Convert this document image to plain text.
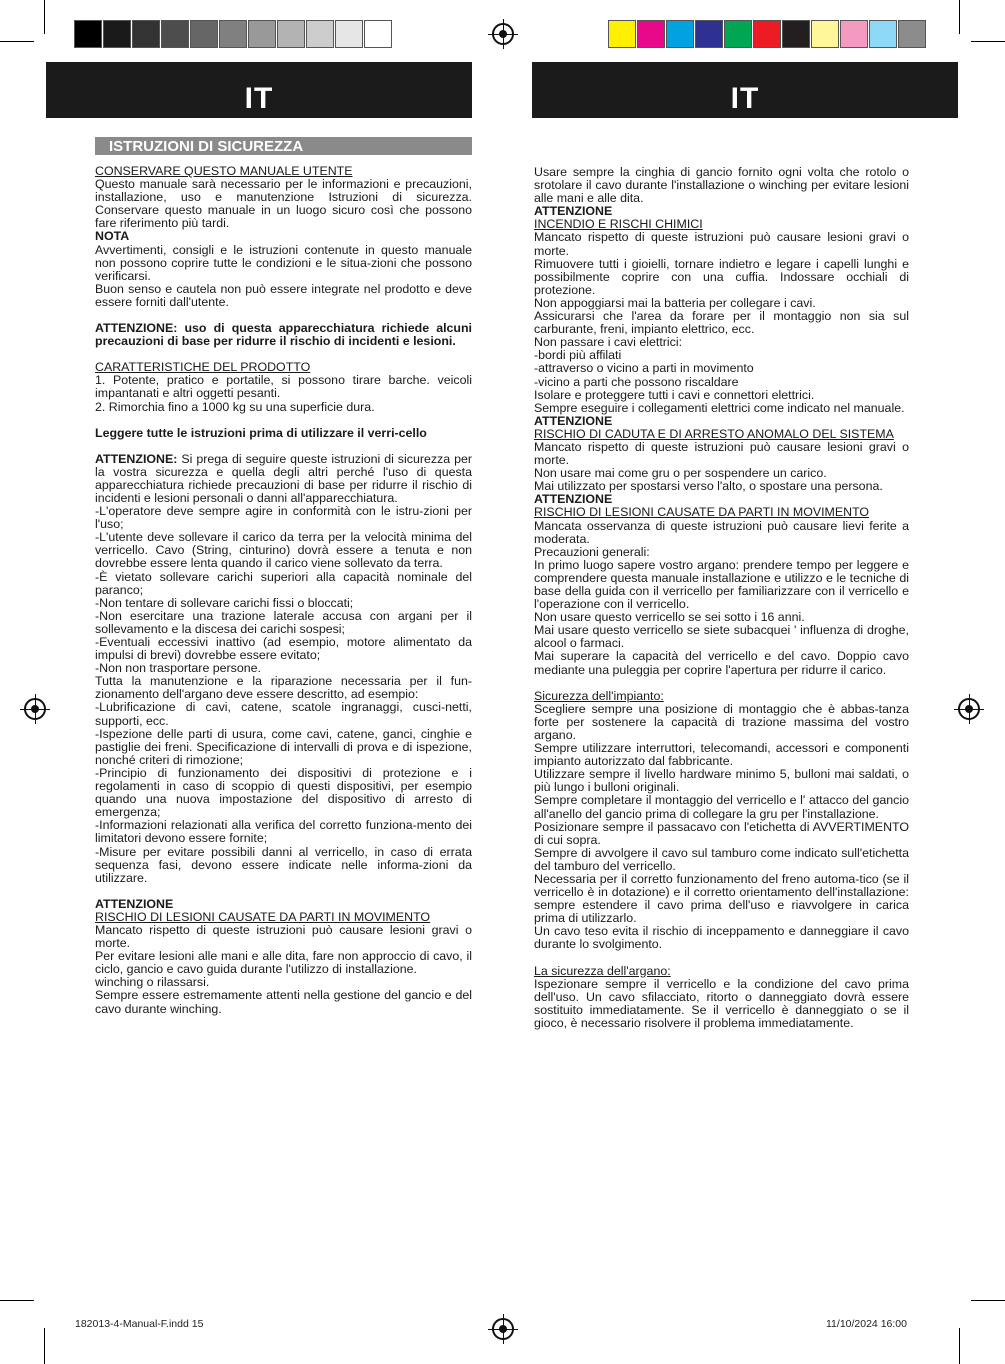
IT	IT
ISTRUZIONI DI SICUREZZA

CONSERVARE QUESTO MANUALE UTENTE

Questo manuale sarà necessario per le informazioni e precauzioni, installazione, uso e manutenzione Istruzioni di sicurezza. Conservare questo manuale in un luogo sicuro così che possono fare riferimento più tardi.

NOTA

Avvertimenti, consigli e le istruzioni contenute in questo manuale non possono coprire tutte le condizioni e le situa-zioni che possono verificarsi.

Buon senso e cautela non può essere integrate nel prodotto e deve essere forniti dall'utente.

ATTENZIONE: uso di questa apparecchiatura richiede alcuni precauzioni di base per ridurre il rischio di incidenti e lesioni.

CARATTERISTICHE DEL PRODOTTO

1. Potente, pratico e portatile, si possono tirare barche. veicoli impantanati e altri oggetti pesanti.

2. Rimorchia fino a 1000 kg su una superficie dura.

Leggere tutte le istruzioni prima di utilizzare il verri-cello

ATTENZIONE: Si prega di seguire queste istruzioni di sicurezza per la vostra sicurezza e quella degli altri perché l'uso di questa apparecchiatura richiede precauzioni di base per ridurre il rischio di incidenti e lesioni personali o danni all'apparecchiatura.

-L'operatore deve sempre agire in conformità con le istru-zioni per l'uso;

-L'utente deve sollevare il carico da terra per la velocità minima del verricello. Cavo (String, cinturino) dovrà essere a tenuta e non dovrebbe essere lenta quando il carico viene sollevato da terra.

-È vietato sollevare carichi superiori alla capacità nominale del paranco;

-Non tentare di sollevare carichi fissi o bloccati;

-Non esercitare una trazione laterale accusa con argani per il sollevamento e la discesa dei carichi sospesi;

-Eventuali eccessivi inattivo (ad esempio, motore alimentato da impulsi di brevi) dovrebbe essere evitato;

-Non non trasportare persone.

Tutta la manutenzione e la riparazione necessaria per il fun-zionamento dell'argano deve essere descritto, ad esempio:

-Lubrificazione di cavi, catene, scatole ingranaggi, cusci-netti, supporti, ecc.

-Ispezione delle parti di usura, come cavi, catene, ganci, cinghie e pastiglie dei freni. Specificazione di intervalli di prova e di ispezione, nonché criteri di rimozione;

-Principio di funzionamento dei dispositivi di protezione e i regolamenti in caso di scoppio di questi dispositivi, per esempio quando una nuova impostazione del dispositivo di arresto di emergenza;

-Informazioni relazionati alla verifica del corretto funziona-mento dei limitatori devono essere fornite;

-Misure per evitare possibili danni al verricello, in caso di errata sequenza fasi, devono essere indicate nelle informa-zioni da utilizzare.

ATTENZIONE

RISCHIO DI LESIONI CAUSATE DA PARTI IN MOVIMENTO

Mancato rispetto di queste istruzioni può causare lesioni gravi o morte.

Per evitare lesioni alle mani e alle dita, fare non approccio di cavo, il ciclo, gancio e cavo guida durante l'utilizzo di installazione.

winching o rilassarsi.

Sempre essere estremamente attenti nella gestione del gancio e del cavo durante winching.

Usare sempre la cinghia di gancio fornito ogni volta che rotolo o srotolare il cavo durante l'installazione o winching per evitare lesioni alle mani e alle dita.

ATTENZIONE

INCENDIO E RISCHI CHIMICI

Mancato rispetto di queste istruzioni può causare lesioni gravi o morte.

Rimuovere tutti i gioielli, tornare indietro e legare i capelli lunghi e possibilmente coprire con una cuffia. Indossare occhiali di protezione.

Non appoggiarsi mai la batteria per collegare i cavi.

Assicurarsi che l'area da forare per il montaggio non sia sul carburante, freni, impianto elettrico, ecc.

Non passare i cavi elettrici:

-bordi più affilati

-attraverso o vicino a parti in movimento

-vicino a parti che possono riscaldare

Isolare e proteggere tutti i cavi e connettori elettrici.

Sempre eseguire i collegamenti elettrici come indicato nel manuale.

ATTENZIONE

RISCHIO DI CADUTA E DI ARRESTO ANOMALO DEL SISTEMA

Mancato rispetto di queste istruzioni può causare lesioni gravi o morte.

Non usare mai come gru o per sospendere un carico.

Mai utilizzato per spostarsi verso l'alto, o spostare una persona.

ATTENZIONE

RISCHIO DI LESIONI CAUSATE DA PARTI IN MOVIMENTO

Mancata osservanza di queste istruzioni può causare lievi ferite a moderata.

Precauzioni generali:

In primo luogo sapere vostro argano: prendere tempo per leggere e comprendere questa manuale installazione e utilizzo e le tecniche di base della guida con il verricello per familiarizzare con il verricello e l'operazione con il verricello.

Non usare questo verricello se sei sotto i 16 anni.

Mai usare questo verricello se siete subacquei ' influenza di droghe, alcool o farmaci.

Mai superare la capacità del verricello e del cavo. Doppio cavo mediante una puleggia per coprire l'apertura per ridurre il carico.

Sicurezza dell'impianto:

Scegliere sempre una posizione di montaggio che è abbas-tanza forte per sostenere la capacità di trazione massima del vostro argano.

Sempre utilizzare interruttori, telecomandi, accessori e componenti impianto autorizzato dal fabbricante.

Utilizzare sempre il livello hardware minimo 5, bulloni mai saldati, o più lungo i bulloni originali.

Sempre completare il montaggio del verricello e l' attacco del gancio all'anello del gancio prima di collegare la gru per l'installazione.

Posizionare sempre il passacavo con l'etichetta di AVVERTIMENTO di cui sopra.

Sempre di avvolgere il cavo sul tamburo come indicato sull'etichetta del tamburo del verricello.

Necessaria per il corretto funzionamento del freno automa-tico (se il verricello è in dotazione) e il corretto orientamento dell'installazione: sempre estendere il cavo prima dell'uso e riavvolgere in carica prima di utilizzarlo.

Un cavo teso evita il rischio di inceppamento e danneggiare il cavo durante lo svolgimento.

La sicurezza dell'argano:

Ispezionare sempre il verricello e la condizione del cavo prima dell'uso. Un cavo sfilacciato, ritorto o danneggiato dovrà essere sostituito immediatamente. Se il verricello è danneggiato o se il gioco, è necessario risolvere il problema immediatamente.

182013-4-Manual-F.indd 15	11/10/2024 16:00
